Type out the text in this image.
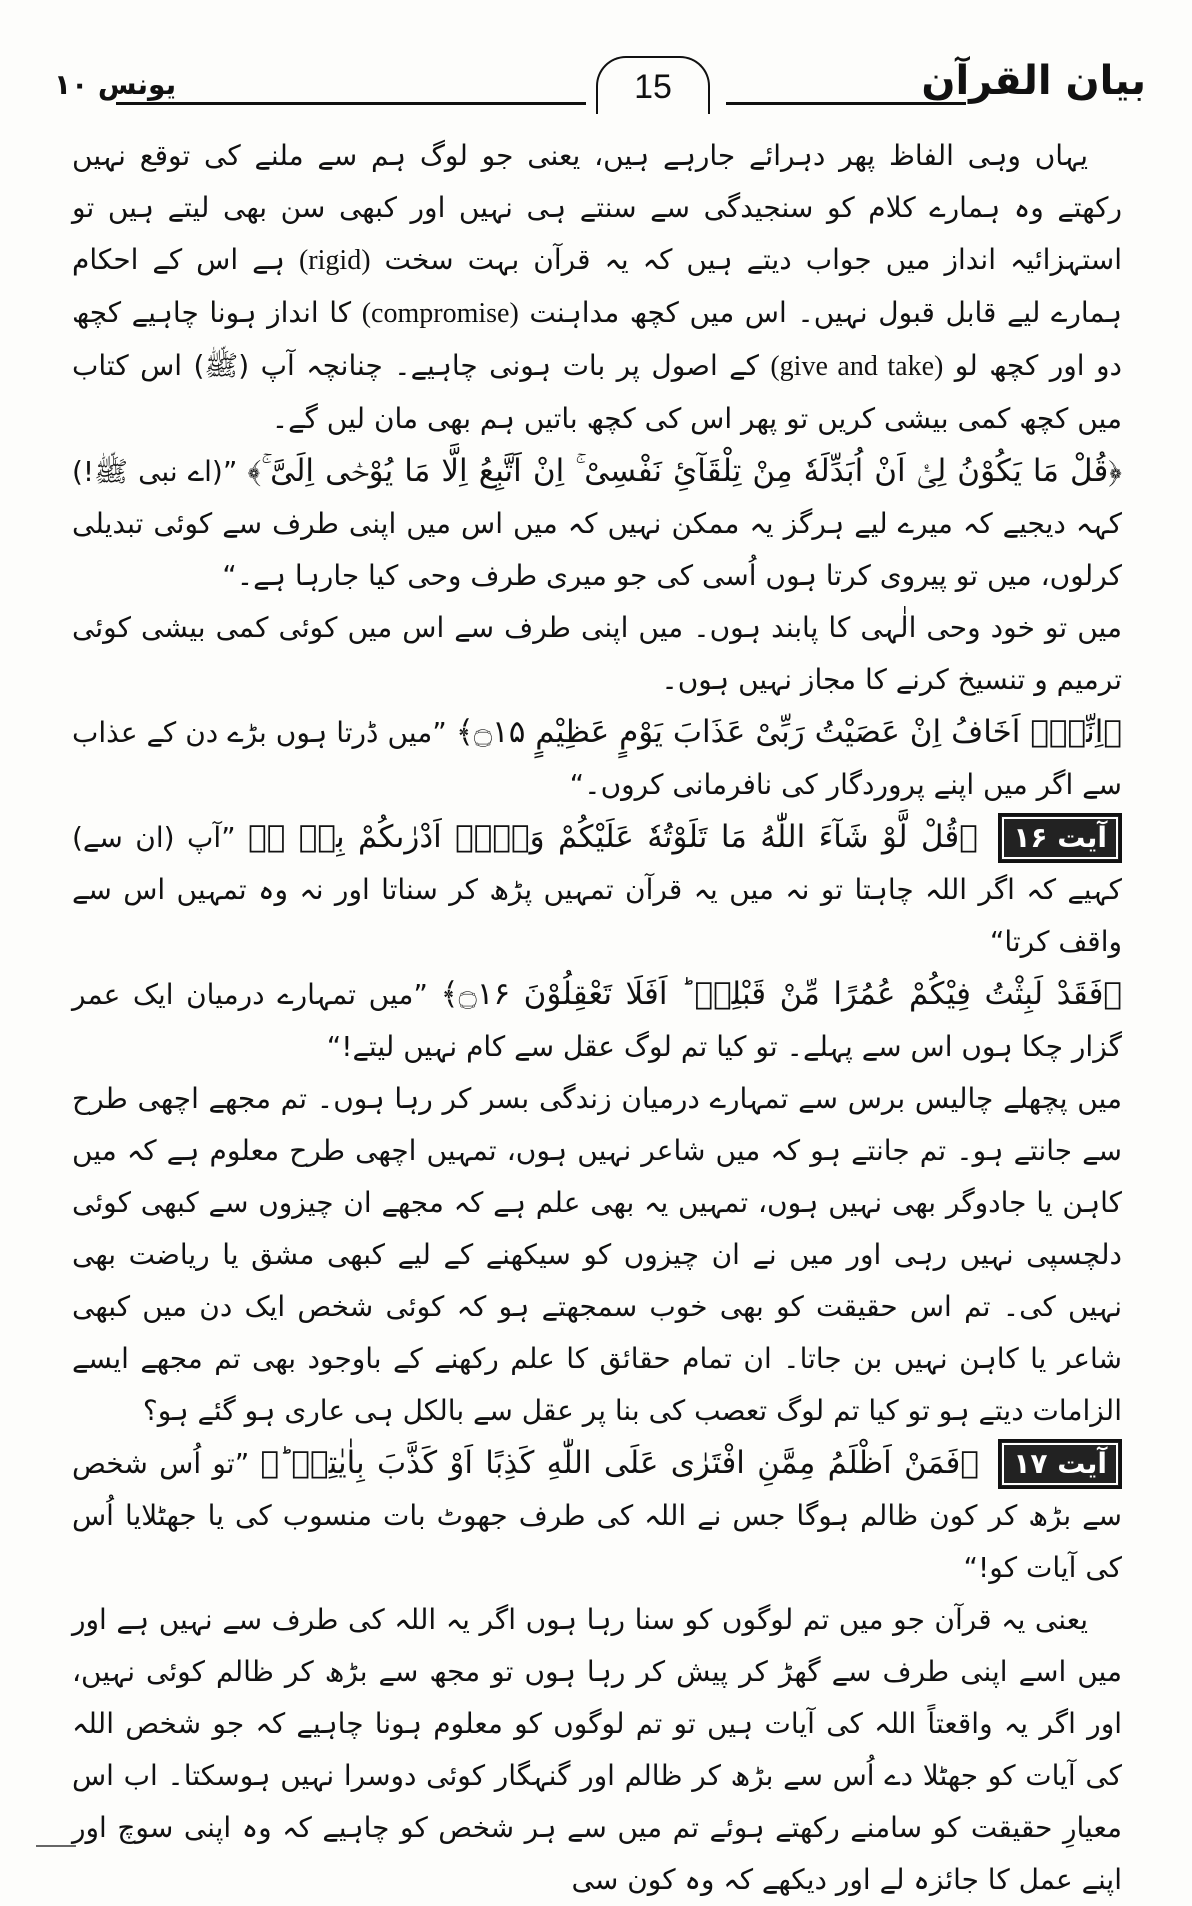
یونس ۱۰	15	بیان القرآن

یہاں وہی الفاظ پھر دہرائے جارہے ہیں، یعنی جو لوگ ہم سے ملنے کی توقع نہیں رکھتے وہ ہمارے کلام کو سنجیدگی سے سنتے ہی نہیں اور کبھی سن بھی لیتے ہیں تو استہزائیہ انداز میں جواب دیتے ہیں کہ یہ قرآن بہت سخت (rigid) ہے اس کے احکام ہمارے لیے قابل قبول نہیں۔ اس میں کچھ مداہنت (compromise) کا انداز ہونا چاہیے کچھ دو اور کچھ لو (give and take) کے اصول پر بات ہونی چاہیے۔ چنانچہ آپ (ﷺ) اس کتاب میں کچھ کمی بیشی کریں تو پھر اس کی کچھ باتیں ہم بھی مان لیں گے۔

﴿قُلْ مَا یَكُوْنُ لِیْۤ اَنْ اُبَدِّلَهٗ مِنْ تِلْقَآئِ نَفْسِیْ ۚ اِنْ اَتَّبِعُ اِلَّا مَا یُوْحٰۤی اِلَیَّ ۚ﴾ ”(اے نبی ﷺ!) کہہ دیجیے کہ میرے لیے ہرگز یہ ممکن نہیں کہ میں اس میں اپنی طرف سے کوئی تبدیلی کرلوں، میں تو پیروی کرتا ہوں اُسی کی جو میری طرف وحی کیا جارہا ہے۔“

میں تو خود وحی الٰہی کا پابند ہوں۔ میں اپنی طرف سے اس میں کوئی کمی بیشی کوئی ترمیم و تنسیخ کرنے کا مجاز نہیں ہوں۔

﴿اِنِّیْۤ اَخَافُ اِنْ عَصَیْتُ رَبِّیْ عَذَابَ یَوْمٍ عَظِیْمٍ ۝۱۵﴾ ”میں ڈرتا ہوں بڑے دن کے عذاب سے اگر میں اپنے پروردگار کی نافرمانی کروں۔“

آیت ۱۶ ﴿قُلْ لَّوْ شَآءَ اللّٰهُ مَا تَلَوْتُهٗ عَلَیْكُمْ وَلَاۤ اَدْرٰىكُمْ بِهٖ ۫﴾ ”آپ (ان سے) کہیے کہ اگر اللہ چاہتا تو نہ میں یہ قرآن تمہیں پڑھ کر سناتا اور نہ وہ تمہیں اس سے واقف کرتا“

﴿فَقَدْ لَبِثْتُ فِیْكُمْ عُمُرًا مِّنْ قَبْلِهٖ ؕ اَفَلَا تَعْقِلُوْنَ ۝۱۶﴾ ”میں تمہارے درمیان ایک عمر گزار چکا ہوں اس سے پہلے۔ تو کیا تم لوگ عقل سے کام نہیں لیتے!“

میں پچھلے چالیس برس سے تمہارے درمیان زندگی بسر کر رہا ہوں۔ تم مجھے اچھی طرح سے جانتے ہو۔ تم جانتے ہو کہ میں شاعر نہیں ہوں، تمہیں اچھی طرح معلوم ہے کہ میں کاہن یا جادوگر بھی نہیں ہوں، تمہیں یہ بھی علم ہے کہ مجھے ان چیزوں سے کبھی کوئی دلچسپی نہیں رہی اور میں نے ان چیزوں کو سیکھنے کے لیے کبھی مشق یا ریاضت بھی نہیں کی۔ تم اس حقیقت کو بھی خوب سمجھتے ہو کہ کوئی شخص ایک دن میں کبھی شاعر یا کاہن نہیں بن جاتا۔ ان تمام حقائق کا علم رکھنے کے باوجود بھی تم مجھے ایسے الزامات دیتے ہو تو کیا تم لوگ تعصب کی بنا پر عقل سے بالکل ہی عاری ہو گئے ہو؟

آیت ۱۷ ﴿فَمَنْ اَظْلَمُ مِمَّنِ افْتَرٰی عَلَی اللّٰهِ كَذِبًا اَوْ كَذَّبَ بِاٰیٰتِهٖ ؕ﴾ ”تو اُس شخص سے بڑھ کر کون ظالم ہوگا جس نے اللہ کی طرف جھوٹ بات منسوب کی یا جھٹلایا اُس کی آیات کو!“

یعنی یہ قرآن جو میں تم لوگوں کو سنا رہا ہوں اگر یہ اللہ کی طرف سے نہیں ہے اور میں اسے اپنی طرف سے گھڑ کر پیش کر رہا ہوں تو مجھ سے بڑھ کر ظالم کوئی نہیں، اور اگر یہ واقعتاً اللہ کی آیات ہیں تو تم لوگوں کو معلوم ہونا چاہیے کہ جو شخص اللہ کی آیات کو جھٹلا دے اُس سے بڑھ کر ظالم اور گنہگار کوئی دوسرا نہیں ہوسکتا۔ اب اس معیارِ حقیقت کو سامنے رکھتے ہوئے تم میں سے ہر شخص کو چاہیے کہ وہ اپنی سوچ اور اپنے عمل کا جائزہ لے اور دیکھے کہ وہ کون سی
